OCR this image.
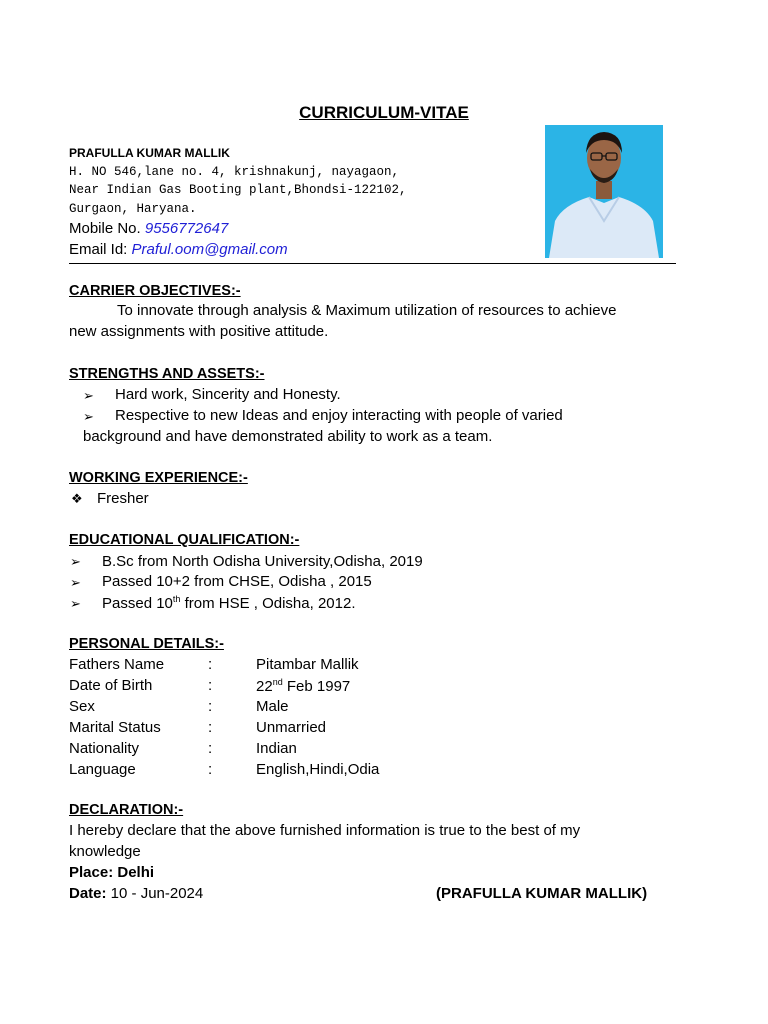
CURRICULUM-VITAE
PRAFULLA KUMAR MALLIK
H. NO 546,lane no. 4, krishnakunj, nayagaon,
Near Indian Gas Booting plant,Bhondsi-122102,
Gurgaon, Haryana.
Mobile No. 9556772647
Email Id: Praful.oom@gmail.com
CARRIER OBJECTIVES:-
To innovate through analysis & Maximum utilization of resources to achieve
new assignments with positive attitude.
STRENGTHS AND ASSETS:-
➢ Hard work, Sincerity and Honesty.
➢ Respective to new Ideas and enjoy interacting with people of varied
background and have demonstrated ability to work as a team.
WORKING EXPERIENCE:-
❖ Fresher
EDUCATIONAL QUALIFICATION:-
➢ B.Sc from North Odisha University,Odisha, 2019
➢ Passed 10+2 from CHSE, Odisha , 2015
➢ Passed 10th from HSE , Odisha, 2012.
PERSONAL DETAILS:-
Fathers Name	:	Pitambar Mallik
Date of Birth	:	22nd Feb 1997
Sex	:	Male
Marital Status	:	Unmarried
Nationality	:	Indian
Language	:	English,Hindi,Odia
DECLARATION:-
I hereby declare that the above furnished information is true to the best of my
knowledge
Place: Delhi
Date: 10 - Jun-2024	(PRAFULLA KUMAR MALLIK)
